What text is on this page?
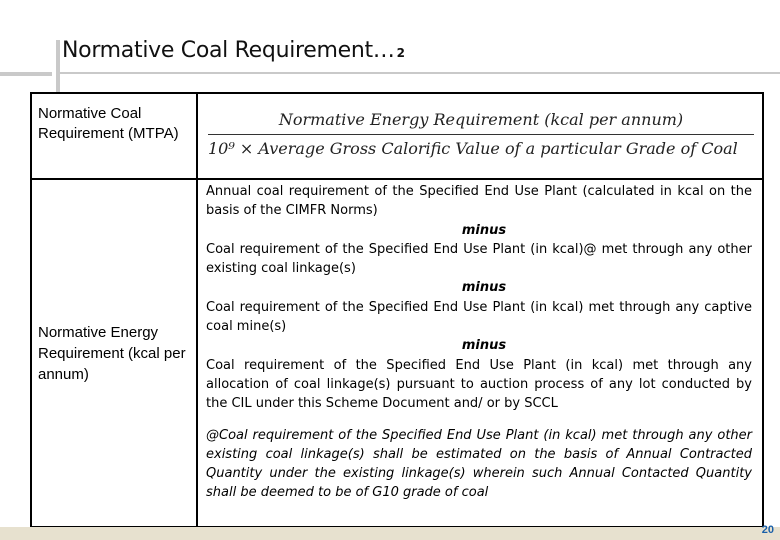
Normative Coal Requirement… 2
Normative Coal Requirement (MTPA)
Normative Energy Requirement (kcal per annum)
10⁹ × Average Gross Calorific Value of a particular Grade of Coal
Normative Energy Requirement (kcal per annum)

Annual coal requirement of the Specified End Use Plant (calculated in kcal on the basis of the CIMFR Norms)

minus

Coal requirement of the Specified End Use Plant (in kcal)@ met through any other existing coal linkage(s)

minus

Coal requirement of the Specified End Use Plant (in kcal) met through any captive coal mine(s)

minus

Coal requirement of the Specified End Use Plant (in kcal) met through any allocation of coal linkage(s) pursuant to auction process of any lot conducted by the CIL under this Scheme Document and/ or by SCCL

@Coal requirement of the Specified End Use Plant (in kcal) met through any other existing coal linkage(s) shall be estimated on the basis of Annual Contracted Quantity under the existing linkage(s) wherein such Annual Contacted Quantity shall be deemed to be of G10 grade of coal

20
